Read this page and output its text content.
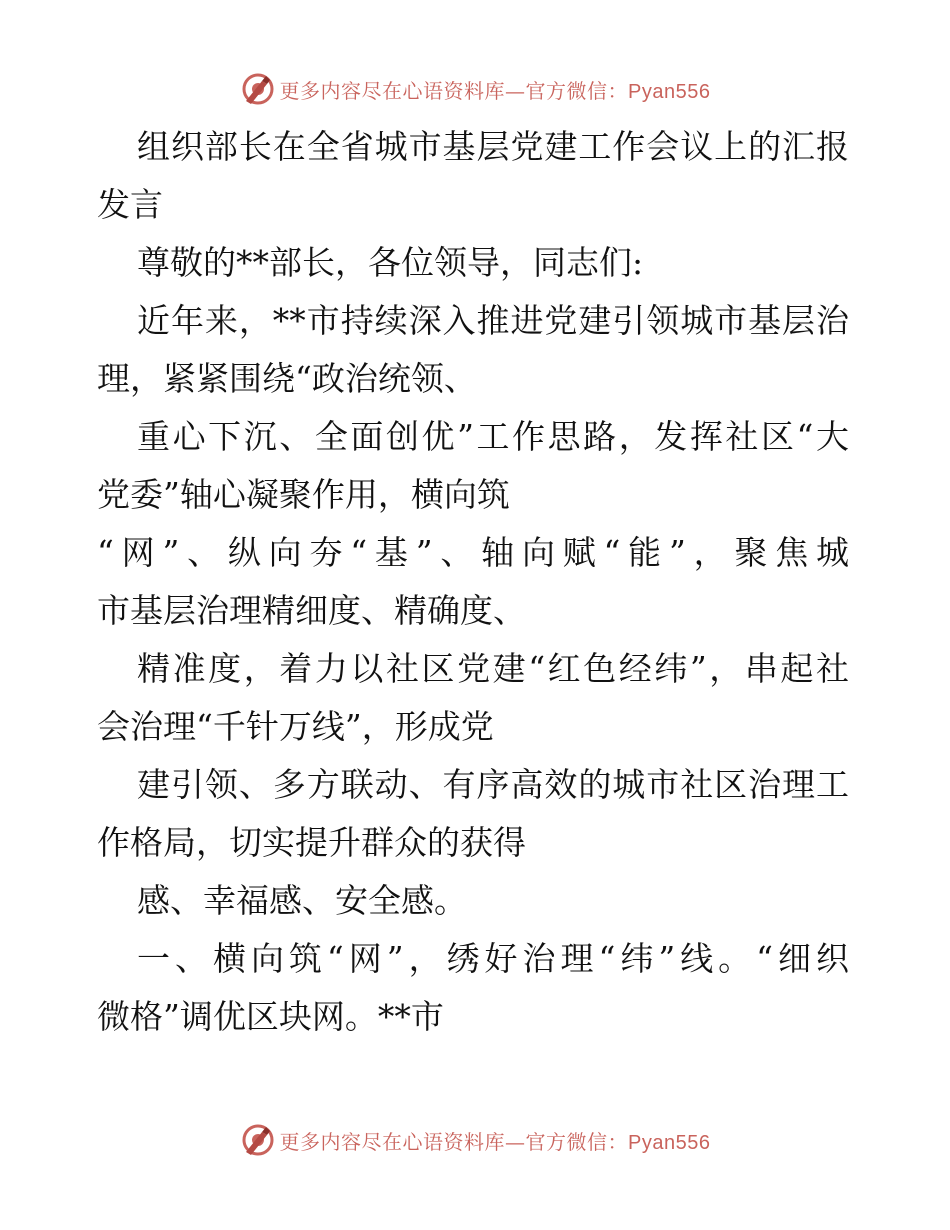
更多内容尽在心语资料库—官方微信：Pyan556
组织部长在全省城市基层党建工作会议上的汇报
发言
尊敬的**部长，各位领导，同志们:
近年来，**市持续深入推进党建引领城市基层治
理，紧紧围绕“政治统领、
重心下沉、全面创优”工作思路，发挥社区“大
党委”轴心凝聚作用，横向筑
“网”、纵向夯“基”、轴向赋“能”，聚焦城
市基层治理精细度、精确度、
精准度，着力以社区党建“红色经纬”，串起社
会治理“千针万线”，形成党
建引领、多方联动、有序高效的城市社区治理工
作格局，切实提升群众的获得
感、幸福感、安全感。
一、横向筑“网”，绣好治理“纬”线。“细织
微格”调优区块网。**市
更多内容尽在心语资料库—官方微信：Pyan556
